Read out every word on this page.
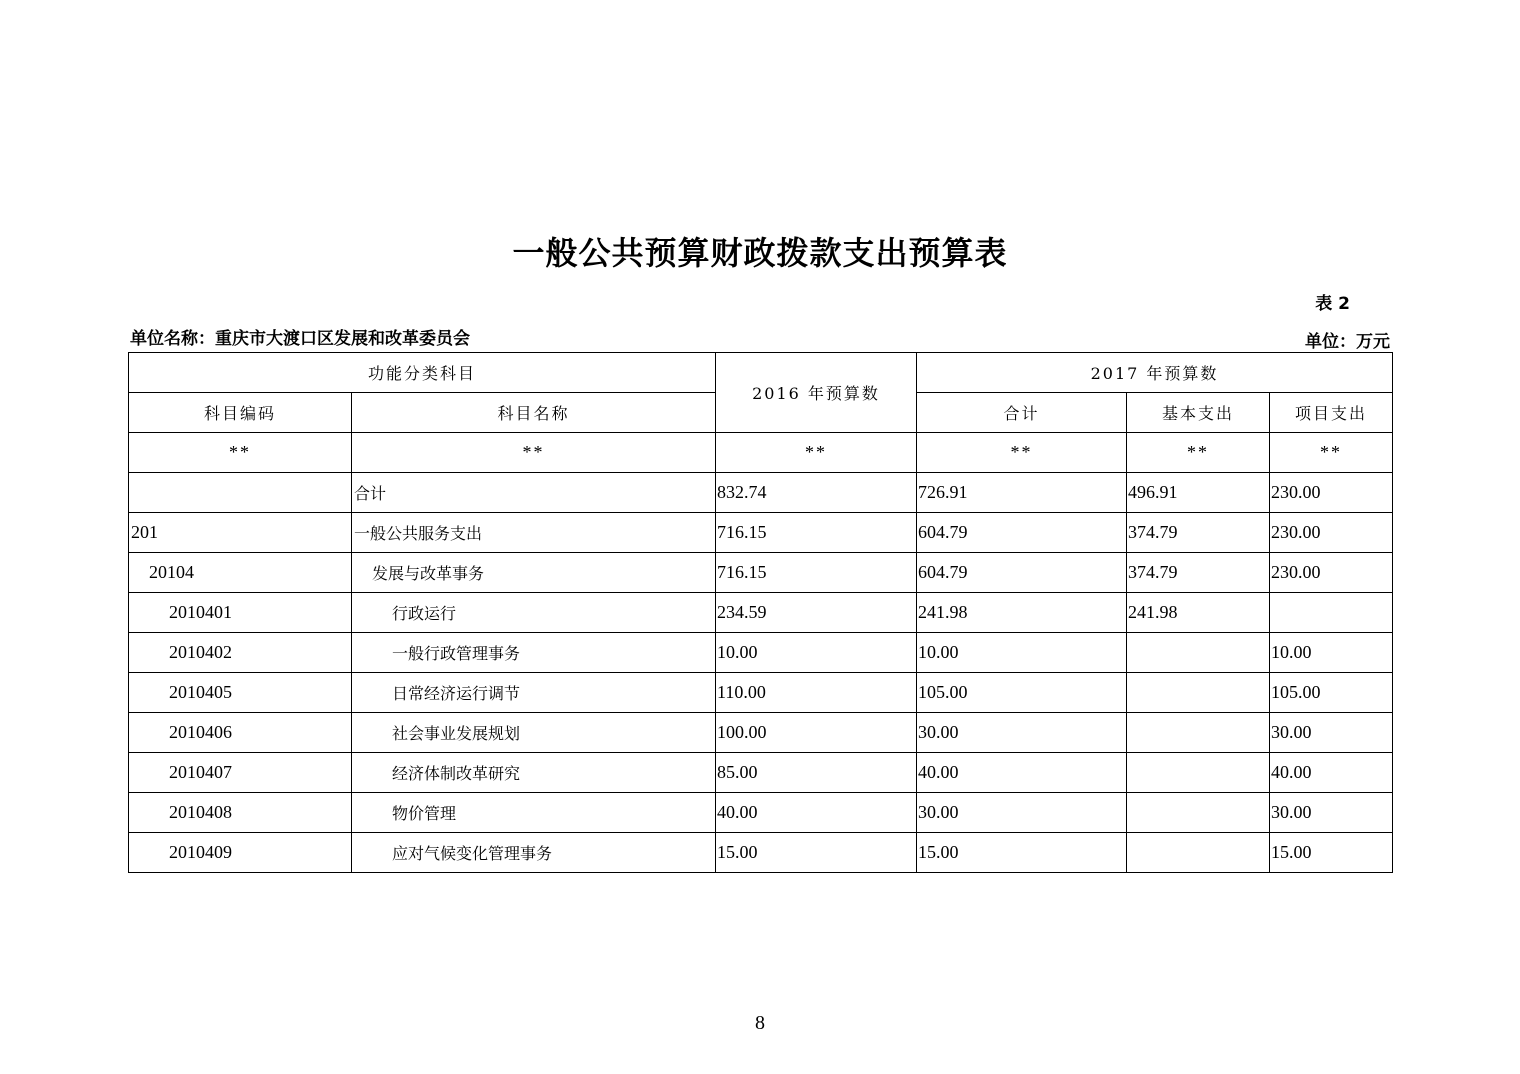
一般公共预算财政拨款支出预算表
表 2
单位名称：重庆市大渡口区发展和改革委员会	单位：万元
功能分类科目		2016 年预算数	2017 年预算数		
科目编码	科目名称		合计	基本支出	项目支出
**	**	**	**	**	**
	合计	832.74	726.91	496.91	230.00
201	一般公共服务支出	716.15	604.79	374.79	230.00
20104	发展与改革事务	716.15	604.79	374.79	230.00
2010401	行政运行	234.59	241.98	241.98	
2010402	一般行政管理事务	10.00	10.00		10.00
2010405	日常经济运行调节	110.00	105.00		105.00
2010406	社会事业发展规划	100.00	30.00		30.00
2010407	经济体制改革研究	85.00	40.00		40.00
2010408	物价管理	40.00	30.00		30.00
2010409	应对气候变化管理事务	15.00	15.00		15.00
8
